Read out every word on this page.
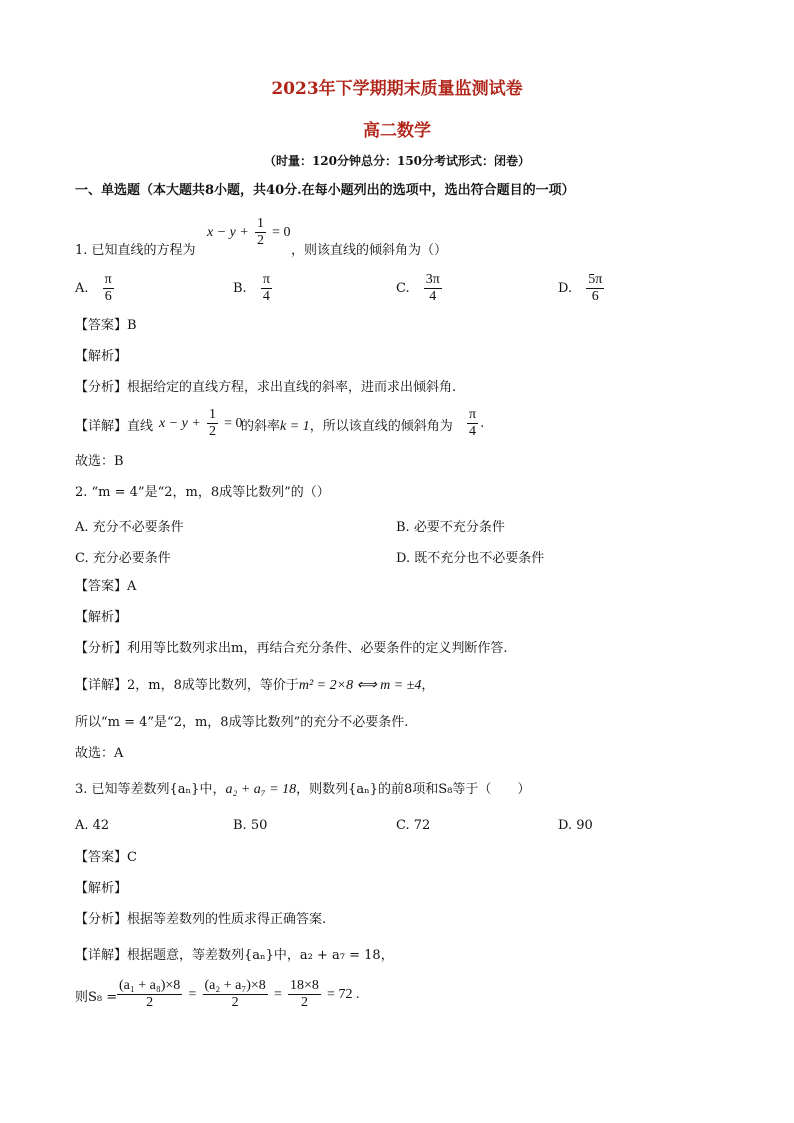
2023年下学期期末质量监测试卷
高二数学
（时量：120分钟总分：150分考试形式：闭卷）
一、单选题（本大题共8小题，共40分.在每小题列出的选项中，选出符合题目的一项）
1. 已知直线的方程为
$x - y + \frac{1}{2} = 0$
，则该直线的倾斜角为（）
A. $\frac{\pi}{6}$	B. $\frac{\pi}{4}$	C. $\frac{3\pi}{4}$	D. $\frac{5\pi}{6}$
【答案】B
【解析】
【分析】根据给定的直线方程，求出直线的斜率，进而求出倾斜角.
【详解】直线 $x - y + \frac{1}{2} = 0$
的斜率k = 1，所以该直线的倾斜角为 $\frac{\pi}{4}$ .
故选：B
2. “m = 4”是“2，m，8成等比数列”的（）
A. 充分不必要条件	B. 必要不充分条件
C. 充分必要条件	D. 既不充分也不必要条件
【答案】A
【解析】
【分析】利用等比数列求出m，再结合充分条件、必要条件的定义判断作答.
【详解】2，m，8成等比数列，等价于m² = 2×8 ⟺ m = ±4，
所以“m = 4”是“2，m，8成等比数列”的充分不必要条件.
故选：A
3. 已知等差数列{aₙ}中，a₂ + a₇ = 18，则数列{aₙ}的前8项和S₈等于（　　）
A. 42	B. 50	C. 72	D. 90
【答案】C
【解析】
【分析】根据等差数列的性质求得正确答案.
【详解】根据题意，等差数列{aₙ}中，a₂ + a₇ = 18，
则$S_8 = \frac{\text{(a₁ + a₈)×8}}{2} = \frac{\text{(a₂ + a₇)×8}}{2} = \frac{18\times 8}{2} = 72$ .
